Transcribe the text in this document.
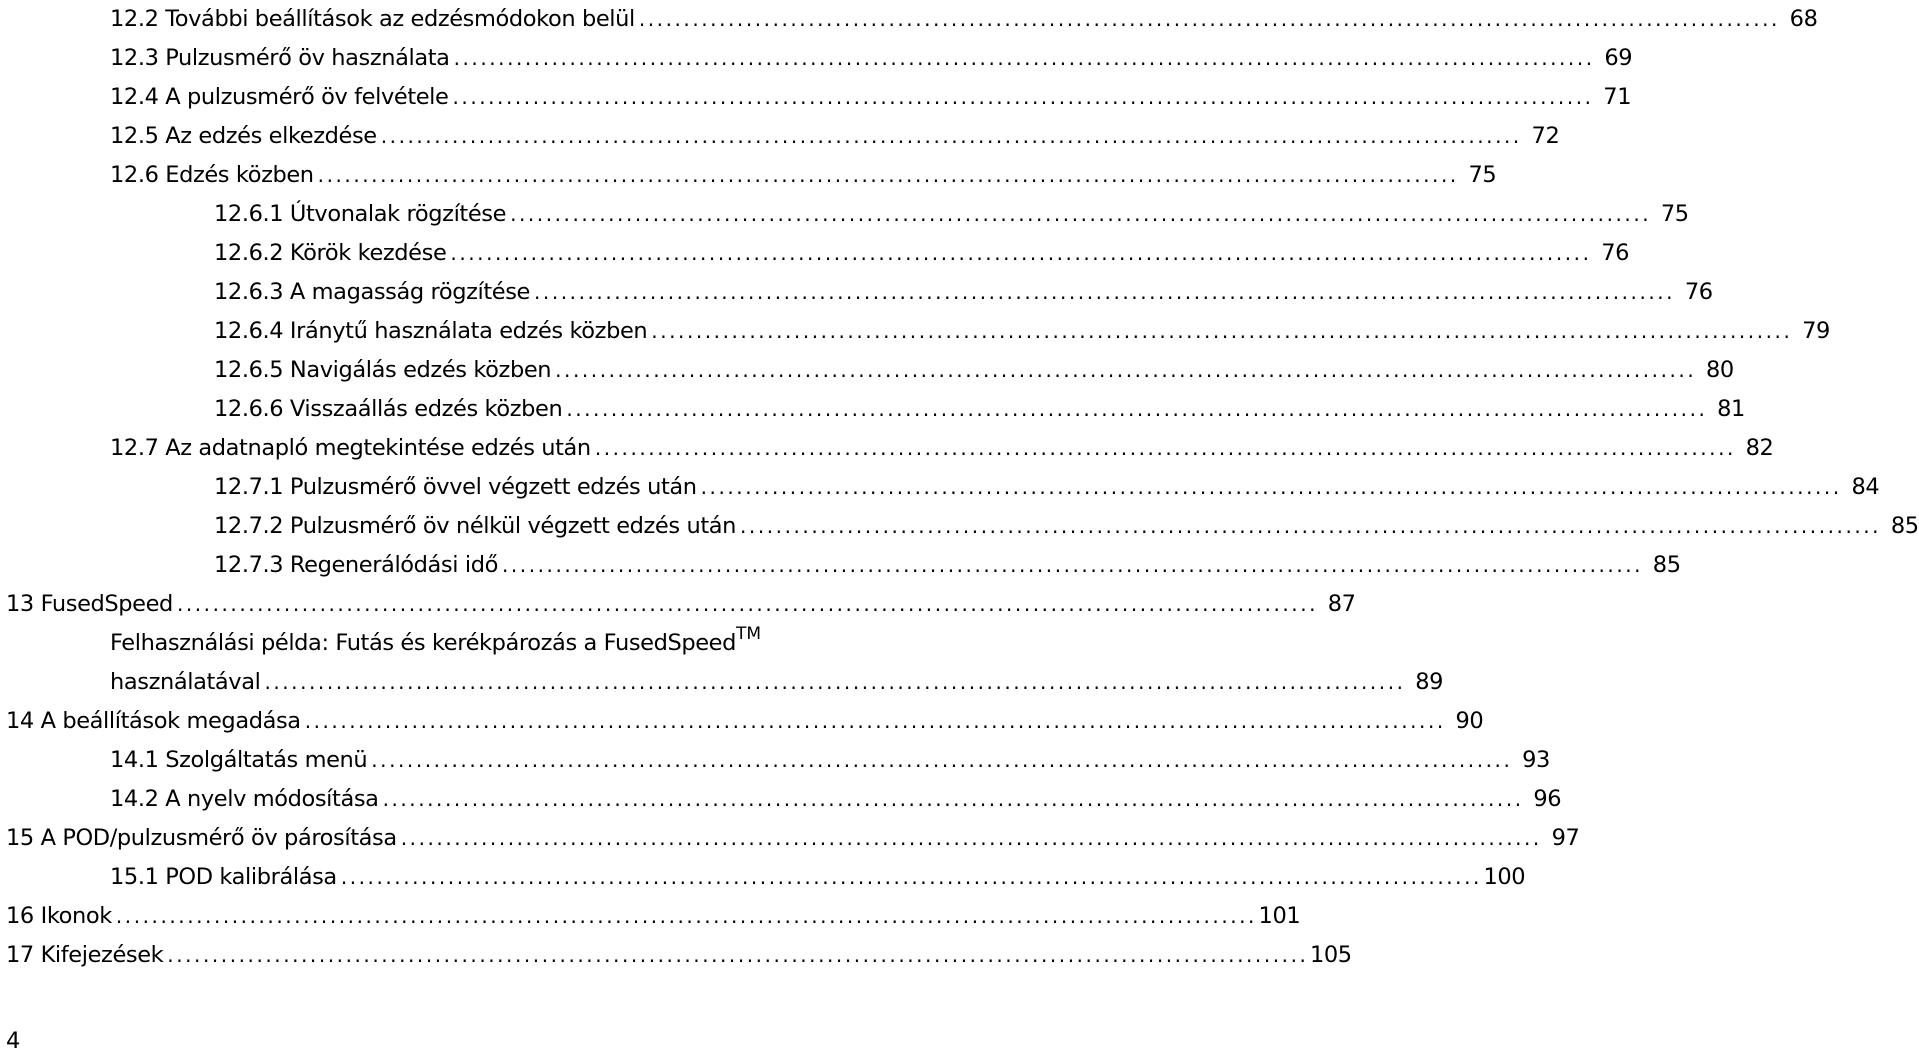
12.2 További beállítások az edzésmódokon belül . . .	68
12.3 Pulzusmérő öv használata . . .	69
12.4 A pulzusmérő öv felvétele . . .	71
12.5 Az edzés elkezdése . . .	72
12.6 Edzés közben . . .	75
12.6.1 Útvonalak rögzítése . . .	75
12.6.2 Körök kezdése . . .	76
12.6.3 A magasság rögzítése . . .	76
12.6.4 Iránytű használata edzés közben . . .	79
12.6.5 Navigálás edzés közben . . .	80
12.6.6 Visszaállás edzés közben . . .	81
12.7 Az adatnapló megtekintése edzés után . . .	82
12.7.1 Pulzusmérő övvel végzett edzés után . . .	84
12.7.2 Pulzusmérő öv nélkül végzett edzés után . . .	85
12.7.3 Regenerálódási idő . . .	85
13 FusedSpeed . . .	87
Felhasználási példa: Futás és kerékpározás a FusedSpeed™
használatával . . .	89
14 A beállítások megadása . . .	90
14.1 Szolgáltatás menü . . .	93
14.2 A nyelv módosítása . . .	96
15 A POD/pulzusmérő öv párosítása . . .	97
15.1 POD kalibrálása . . .	100
16 Ikonok . . .	101
17 Kifejezések . . .	105
4
